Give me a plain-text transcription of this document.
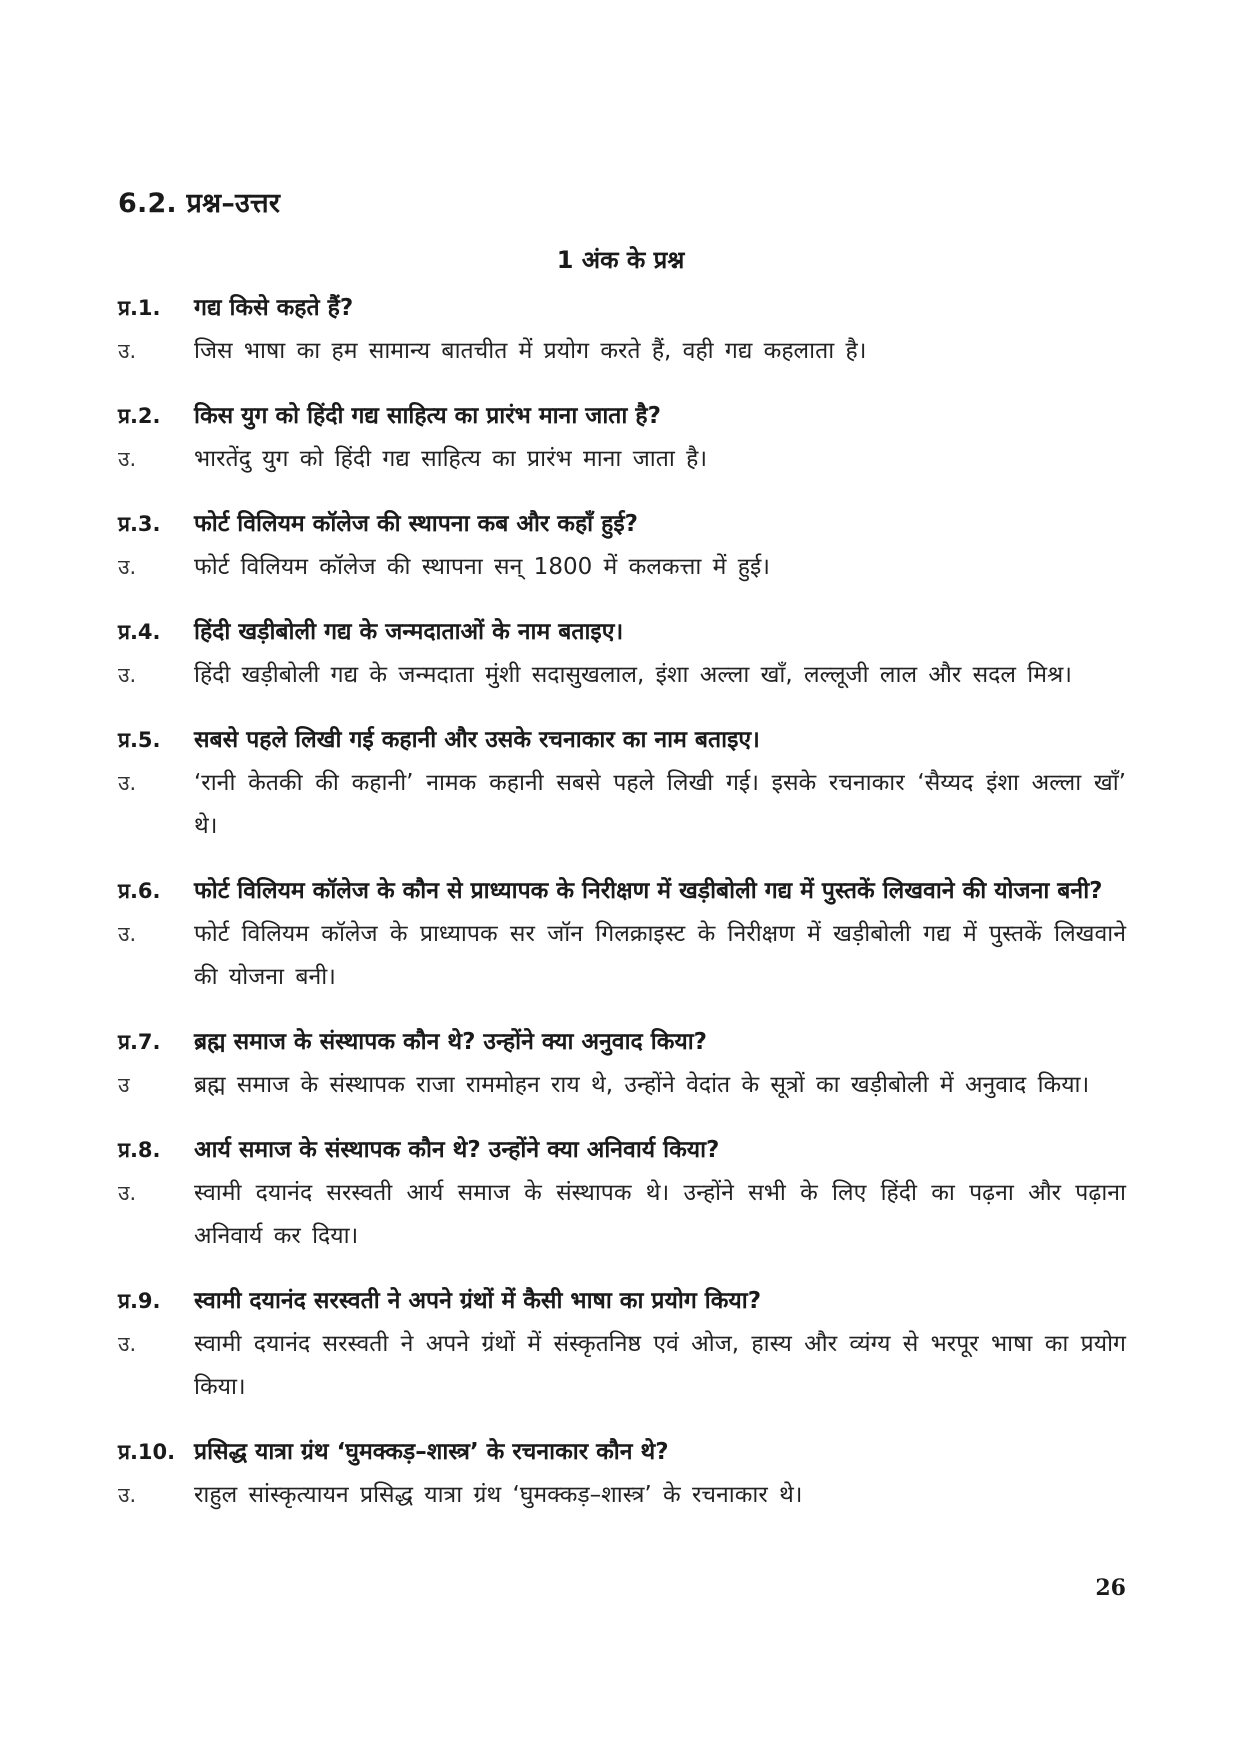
6.2. प्रश्न–उत्तर
1 अंक के प्रश्न
प्र.1.	गद्य किसे कहते हैं?
उ.	जिस भाषा का हम सामान्य बातचीत में प्रयोग करते हैं, वही गद्य कहलाता है।
प्र.2.	किस युग को हिंदी गद्य साहित्य का प्रारंभ माना जाता है?
उ.	भारतेंदु युग को हिंदी गद्य साहित्य का प्रारंभ माना जाता है।
प्र.3.	फोर्ट विलियम कॉलेज की स्थापना कब और कहाँ हुई?
उ.	फोर्ट विलियम कॉलेज की स्थापना सन् 1800 में कलकत्ता में हुई।
प्र.4.	हिंदी खड़ीबोली गद्य के जन्मदाताओं के नाम बताइए।
उ.	हिंदी खड़ीबोली गद्य के जन्मदाता मुंशी सदासुखलाल, इंशा अल्ला खाँ, लल्लूजी लाल और सदल मिश्र।
प्र.5.	सबसे पहले लिखी गई कहानी और उसके रचनाकार का नाम बताइए।
उ.	‘रानी केतकी की कहानी’ नामक कहानी सबसे पहले लिखी गई। इसके रचनाकार ‘सैय्यद इंशा अल्ला खाँ’ थे।
प्र.6.	फोर्ट विलियम कॉलेज के कौन से प्राध्यापक के निरीक्षण में खड़ीबोली गद्य में पुस्तकें लिखवाने की योजना बनी?
उ.	फोर्ट विलियम कॉलेज के प्राध्यापक सर जॉन गिलक्राइस्ट के निरीक्षण में खड़ीबोली गद्य में पुस्तकें लिखवाने की योजना बनी।
प्र.7.	ब्रह्म समाज के संस्थापक कौन थे? उन्होंने क्या अनुवाद किया?
उ	ब्रह्म समाज के संस्थापक राजा राममोहन राय थे, उन्होंने वेदांत के सूत्रों का खड़ीबोली में अनुवाद किया।
प्र.8.	आर्य समाज के संस्थापक कौन थे? उन्होंने क्या अनिवार्य किया?
उ.	स्वामी दयानंद सरस्वती आर्य समाज के संस्थापक थे। उन्होंने सभी के लिए हिंदी का पढ़ना और पढ़ाना अनिवार्य कर दिया।
प्र.9.	स्वामी दयानंद सरस्वती ने अपने ग्रंथों में कैसी भाषा का प्रयोग किया?
उ.	स्वामी दयानंद सरस्वती ने अपने ग्रंथों में संस्कृतनिष्ठ एवं ओज, हास्य और व्यंग्य से भरपूर भाषा का प्रयोग किया।
प्र.10. प्रसिद्ध यात्रा ग्रंथ ‘घुमक्कड़–शास्त्र’ के रचनाकार कौन थे?
उ.	राहुल सांस्कृत्यायन प्रसिद्ध यात्रा ग्रंथ ‘घुमक्कड़–शास्त्र’ के रचनाकार थे।
26
